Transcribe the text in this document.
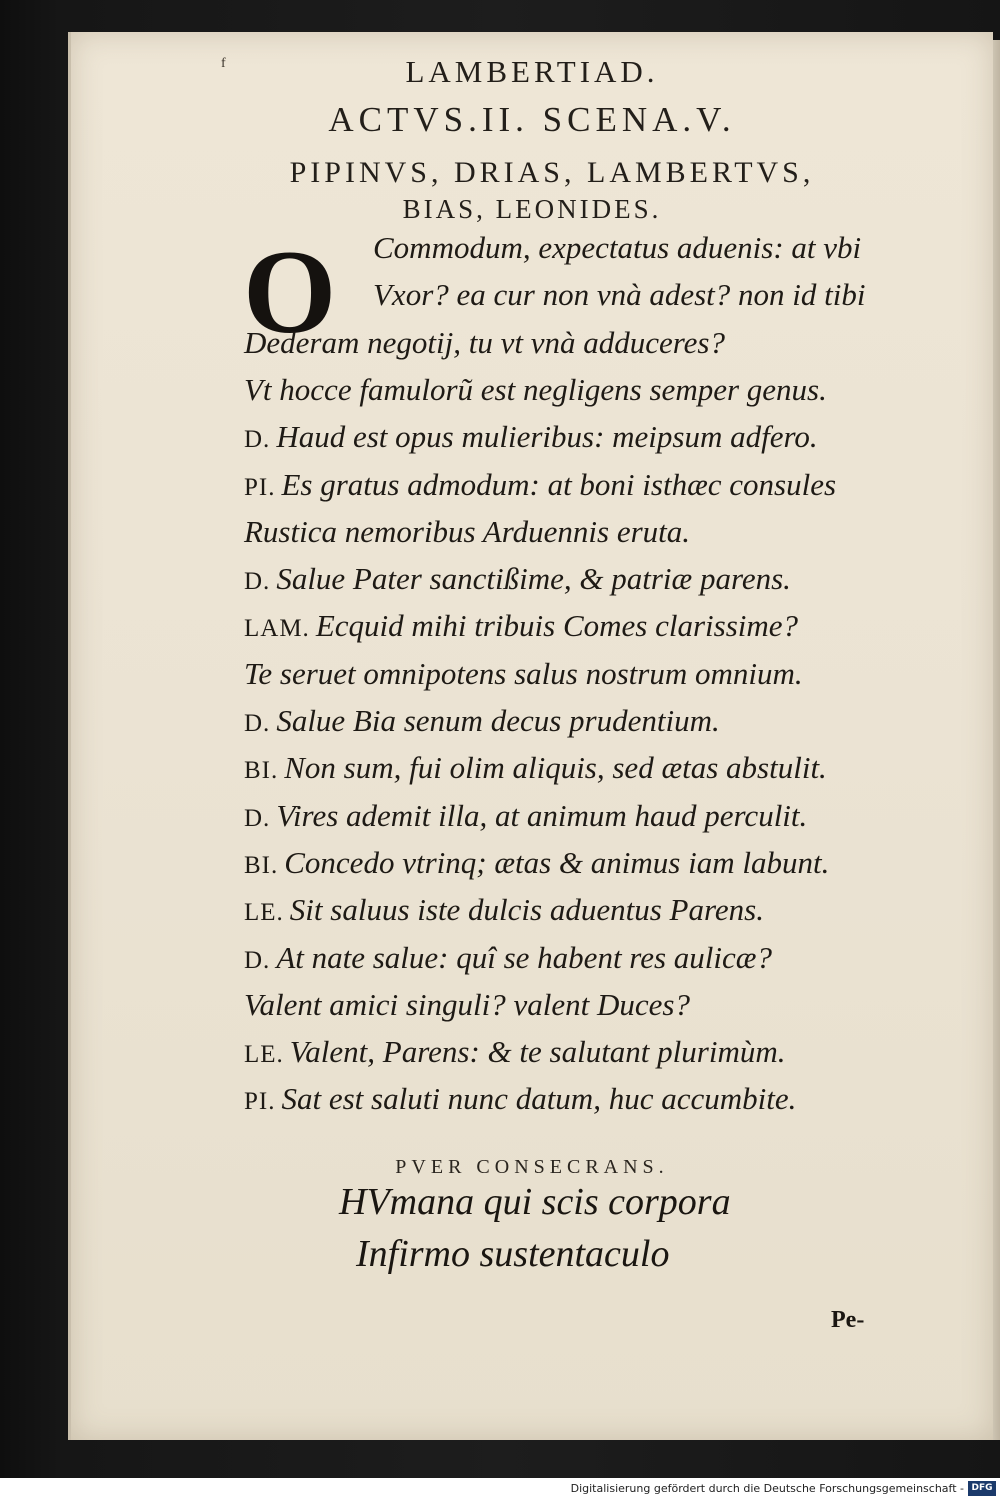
f	LAMBERTIAD.
ACTVS.II. SCENA.V.
PIPINVS, DRIAS, LAMBERTVS,
BIAS, LEONIDES.
O Commodum, expectatus aduenis: at vbi
Vxor? ea cur non vnà adest? non id tibi
Dederam negotij, tu vt vnà adduceres?
Vt hocce famulorũ est negligens semper genus.
D. Haud est opus mulieribus: meipsum adfero.
PI. Es gratus admodum: at boni isthæc consules
Rustica nemoribus Arduennis eruta.
D. Salue Pater sanctißime, & patriæ parens.
LAM. Ecquid mihi tribuis Comes clarissime?
Te seruet omnipotens salus nostrum omnium.
D. Salue Bia senum decus prudentium.
BI. Non sum, fui olim aliquis, sed ætas abstulit.
D. Vires ademit illa, at animum haud perculit.
BI. Concedo vtrinq; ætas & animus iam labunt.
LE. Sit saluus iste dulcis aduentus Parens.
D. At nate salue: quî se habent res aulicæ?
Valent amici singuli? valent Duces?
LE. Valent, Parens: & te salutant plurimùm.
PI. Sat est saluti nunc datum, huc accumbite.
PVER CONSECRANS.
HVmana qui scis corpora
Infirmo sustentaculo
Pe-
Digitalisierung gefördert durch die Deutsche Forschungsgemeinschaft - DFG
